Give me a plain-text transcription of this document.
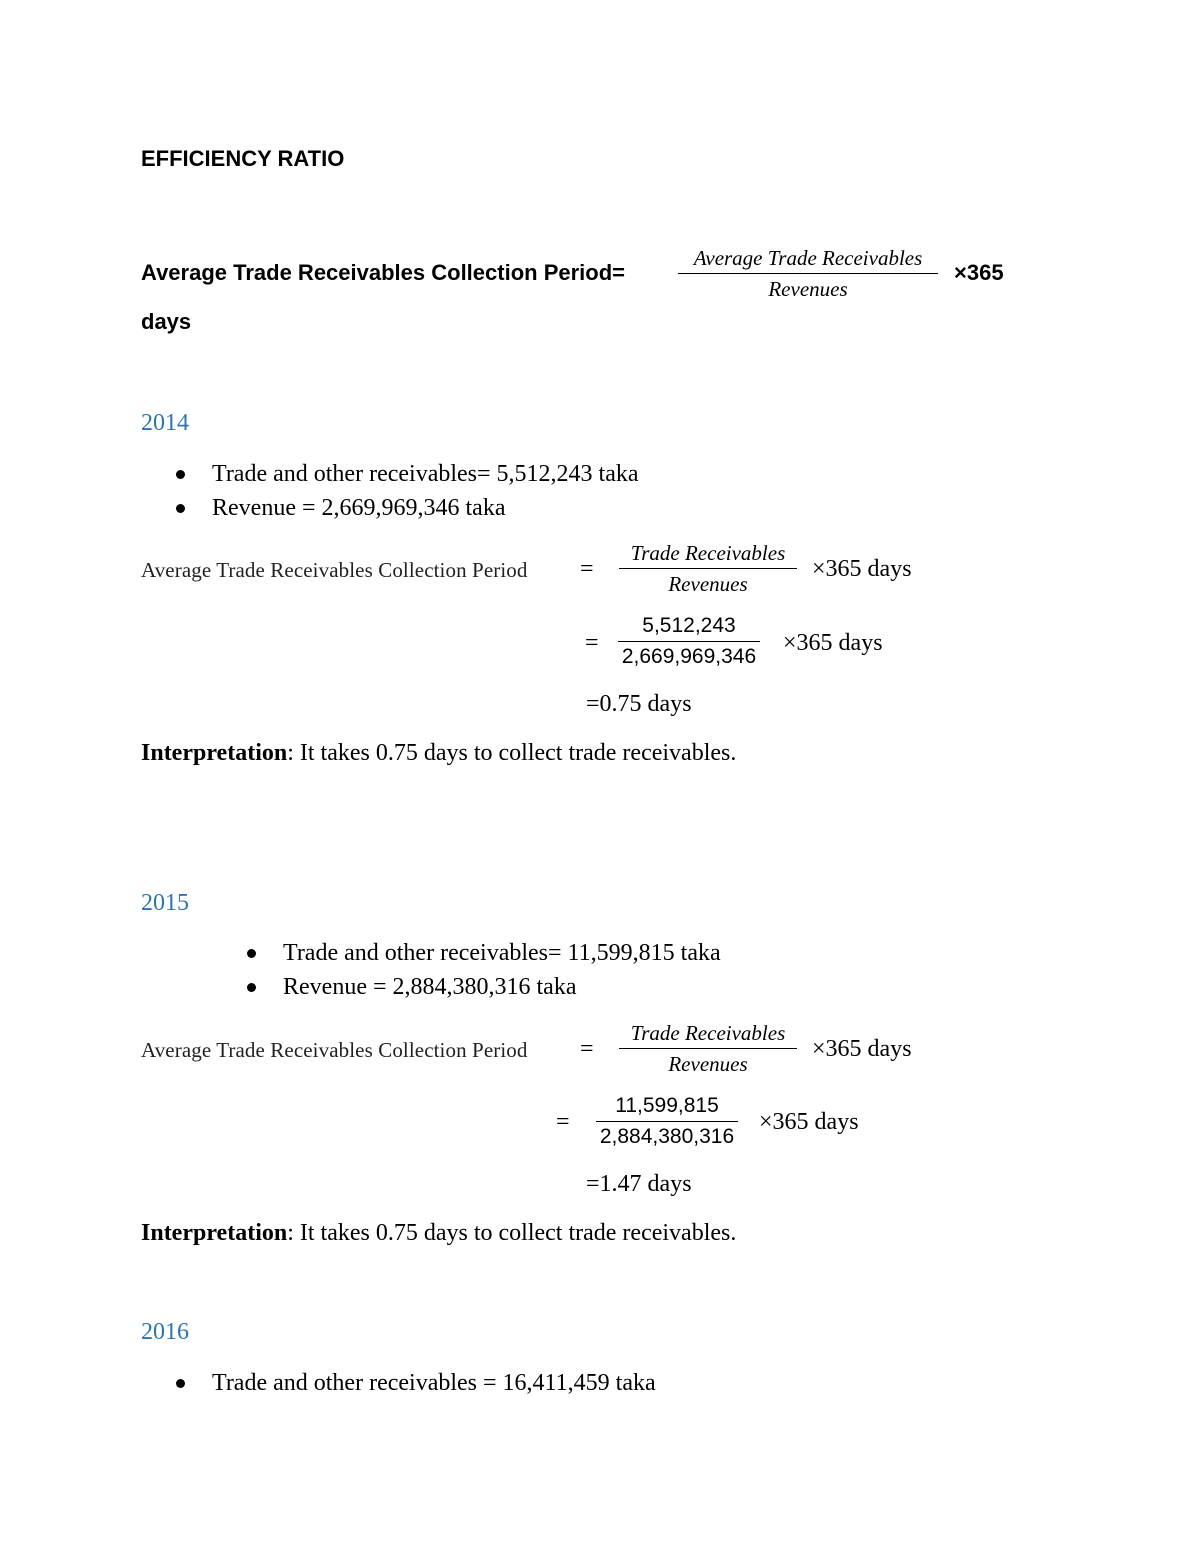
EFFICIENCY RATIO
Average Trade Receivables Collection Period=
Average Trade Receivables
Revenues
×365
days
2014
Trade and other receivables= 5,512,243 taka
Revenue = 2,669,969,346 taka
Average Trade Receivables Collection Period =
Trade Receivables
Revenues
×365 days
=
5,512,243
2,669,969,346
×365 days
=0.75 days
Interpretation: It takes 0.75 days to collect trade receivables.
2015
Trade and other receivables= 11,599,815 taka
Revenue = 2,884,380,316 taka
Average Trade Receivables Collection Period =
Trade Receivables
Revenues
×365 days
=
11,599,815
2,884,380,316
×365 days
=1.47 days
Interpretation: It takes 0.75 days to collect trade receivables.
2016
Trade and other receivables = 16,411,459 taka
